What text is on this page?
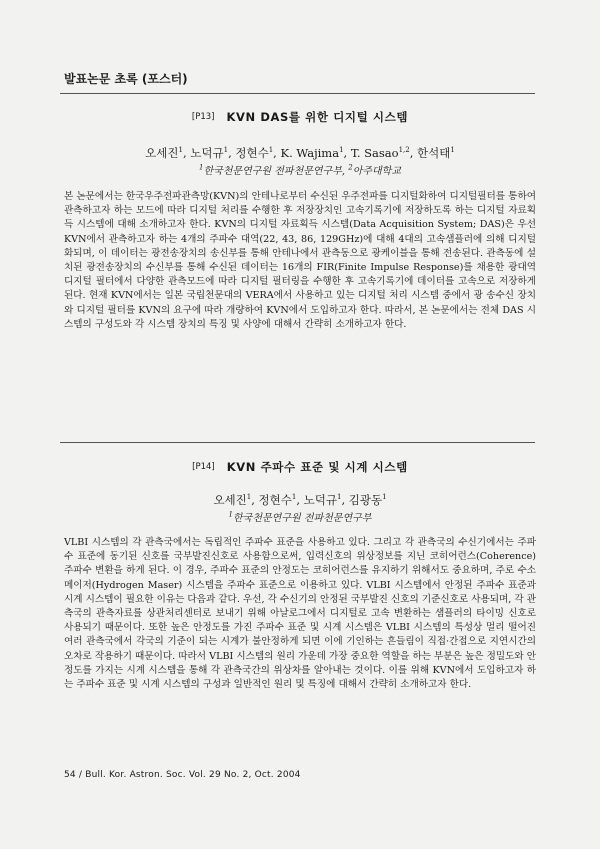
발표논문 초록 (포스터)
[P13] KVN DAS를 위한 디지털 시스템
오세진$^1$, 노덕규$^1$, 정현수$^1$, K. Wajima$^1$, T. Sasao$^{1,2}$, 한석태$^1$
$^1$한국천문연구원 전파천문연구부, $^2$아주대학교
본 논문에서는 한국우주전파관측망(KVN)의 안테나로부터 수신된 우주전파를 디지털화하여 디지털필터를 통하여 관측하고자 하는 모드에 따라 디지털 처리를 수행한 후 저장장치인 고속기록기에 저장하도록 하는 디지털 자료획득 시스템에 대해 소개하고자 한다. KVN의 디지털 자료획득 시스템(Data Acquisition System; DAS)은 우선 KVN에서 관측하고자 하는 4개의 주파수 대역(22, 43, 86, 129GHz)에 대해 4대의 고속샘플러에 의해 디지털화되며, 이 데이터는 광전송장치의 송신부를 통해 안테나에서 관측동으로 광케이블을 통해 전송된다. 관측동에 설치된 광전송장치의 수신부를 통해 수신된 데이터는 16개의 FIR(Finite Impulse Response)를 채용한 광대역 디지털 필터에서 다양한 관측모드에 따라 디지털 필터링을 수행한 후 고속기록기에 데이터를 고속으로 저장하게 된다. 현재 KVN에서는 일본 국립천문대의 VERA에서 사용하고 있는 디지털 처리 시스템 중에서 광 송수신 장치와 디지털 필터를 KVN의 요구에 따라 개량하여 KVN에서 도입하고자 한다. 따라서, 본 논문에서는 전체 DAS 시스템의 구성도와 각 시스템 장치의 특징 및 사양에 대해서 간략히 소개하고자 한다.
[P14] KVN 주파수 표준 및 시계 시스템
오세진$^1$, 정현수$^1$, 노덕규$^1$, 김광동$^1$
$^1$한국천문연구원 전파천문연구부
VLBI 시스템의 각 관측국에서는 독립적인 주파수 표준을 사용하고 있다. 그리고 각 관측국의 수신기에서는 주파수 표준에 동기된 신호를 국부발진신호로 사용함으로써, 입력신호의 위상정보를 지닌 코히어런스(Coherence) 주파수 변환을 하게 된다. 이 경우, 주파수 표준의 안정도는 코히어런스를 유지하기 위해서도 중요하며, 주로 수소메이저(Hydrogen Maser) 시스템을 주파수 표준으로 이용하고 있다. VLBI 시스템에서 안정된 주파수 표준과 시계 시스템이 필요한 이유는 다음과 같다. 우선, 각 수신기의 안정된 국부발진 신호의 기준신호로 사용되며, 각 관측국의 관측자료를 상관처리센터로 보내기 위해 아날로그에서 디지털로 고속 변환하는 샘플러의 타이밍 신호로 사용되기 때문이다. 또한 높은 안정도를 가진 주파수 표준 및 시계 시스템은 VLBI 시스템의 특성상 멀리 떨어진 여러 관측국에서 각국의 기준이 되는 시계가 불안정하게 되면 이에 기인하는 흔들림이 직접·간접으로 지연시간의 오차로 작용하기 때문이다. 따라서 VLBI 시스템의 원리 가운데 가장 중요한 역할을 하는 부분은 높은 정밀도와 안정도를 가지는 시계 시스템을 통해 각 관측국간의 위상차를 알아내는 것이다. 이를 위해 KVN에서 도입하고자 하는 주파수 표준 및 시계 시스템의 구성과 일반적인 원리 및 특징에 대해서 간략히 소개하고자 한다.
54 / Bull. Kor. Astron. Soc. Vol. 29 No. 2, Oct. 2004
